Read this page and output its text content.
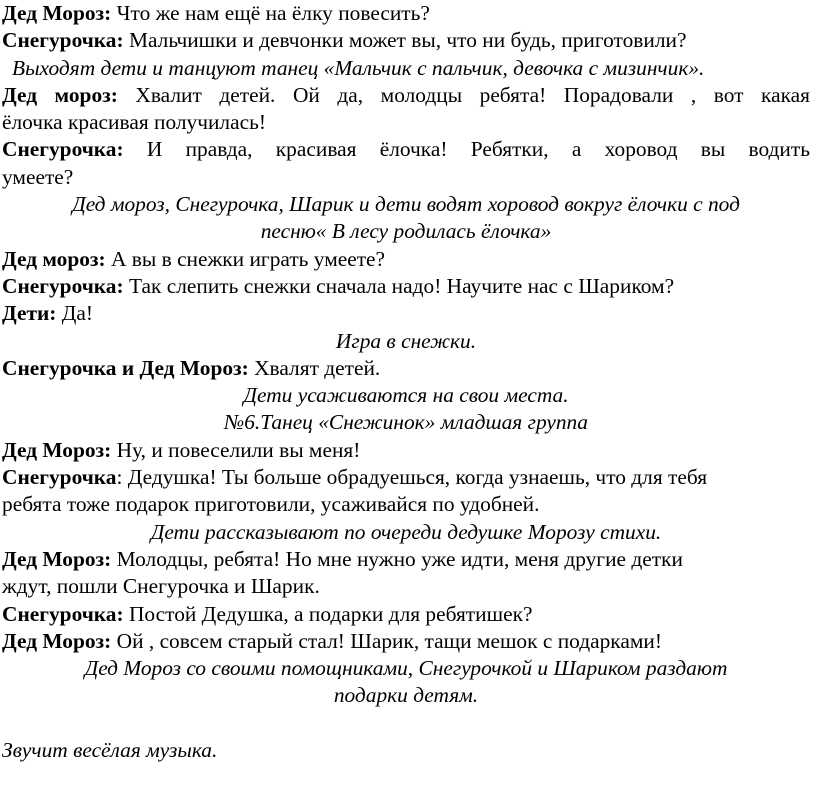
Дед Мороз: Что же нам ещё на ёлку повесить?

Снегурочка: Мальчишки и девчонки может вы, что ни будь, приготовили?

Выходят дети и танцуют танец «Мальчик с пальчик, девочка с мизинчик».

Дед мороз: Хвалит детей. Ой да, молодцы ребята! Порадовали , вот какая

ёлочка красивая получилась!

Снегурочка: И правда, красивая ёлочка! Ребятки, а хоровод вы водить

умеете?

Дед мороз, Снегурочка, Шарик и дети водят хоровод вокруг ёлочки с под

песню« В лесу родилась ёлочка»

Дед мороз: А вы в снежки играть умеете?

Снегурочка: Так слепить снежки сначала надо! Научите нас с Шариком?

Дети: Да!

Игра в снежки.

Снегурочка и Дед Мороз: Хвалят детей.

Дети усаживаются на свои места.

№6.Танец «Снежинок» младшая группа

Дед Мороз: Ну, и повеселили вы меня!

Снегурочка: Дедушка! Ты больше обрадуешься, когда узнаешь, что для тебя

ребята тоже подарок приготовили, усаживайся по удобней.

Дети рассказывают по очереди дедушке Морозу стихи.

Дед Мороз: Молодцы, ребята! Но мне нужно уже идти, меня другие детки

ждут, пошли Снегурочка и Шарик.

Снегурочка: Постой Дедушка, а подарки для ребятишек?

Дед Мороз: Ой , совсем старый стал! Шарик, тащи мешок с подарками!

Дед Мороз со своими помощниками, Снегурочкой и Шариком раздают

подарки детям.

Звучит весёлая музыка.
